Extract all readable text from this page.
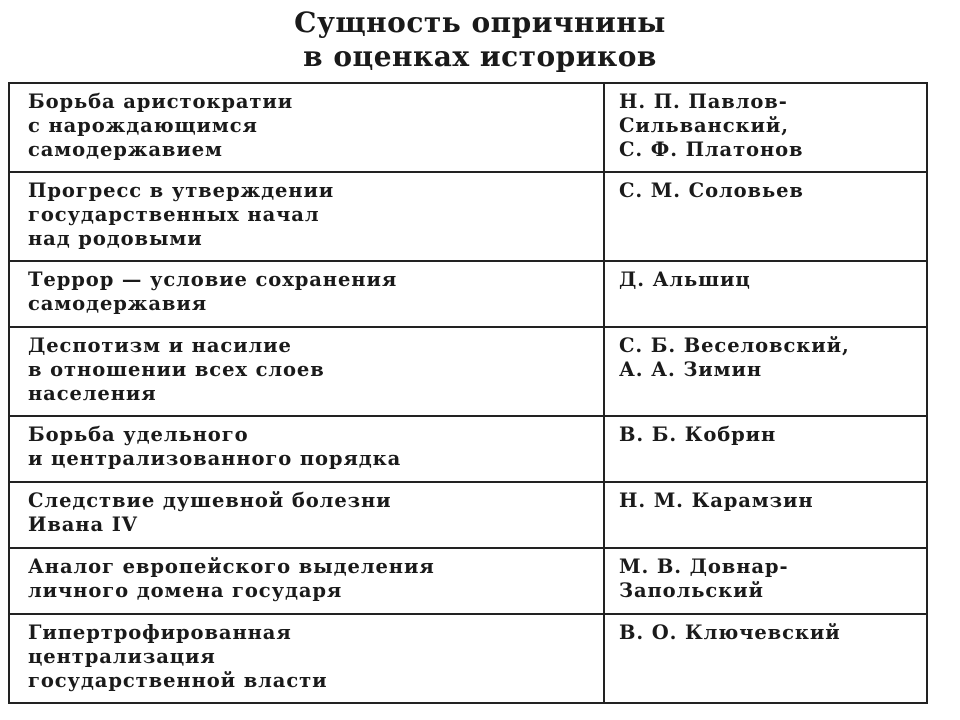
Сущность опричнины
в оценках историков
Борьба аристократии
с нарождающимся
самодержавием	Н. П. Павлов-
Сильванский,
С. Ф. Платонов

Прогресс в утверждении
государственных начал
над родовыми	С. М. Соловьев

Террор — условие сохранения
самодержавия	Д. Альшиц

Деспотизм и насилие
в отношении всех слоев
населения	С. Б. Веселовский,
А. А. Зимин

Борьба удельного
и централизованного порядка	В. Б. Кобрин

Следствие душевной болезни
Ивана IV	Н. М. Карамзин

Аналог европейского выделения
личного домена государя	М. В. Довнар-
Запольский

Гипертрофированная
централизация
государственной власти	В. О. Ключевский
